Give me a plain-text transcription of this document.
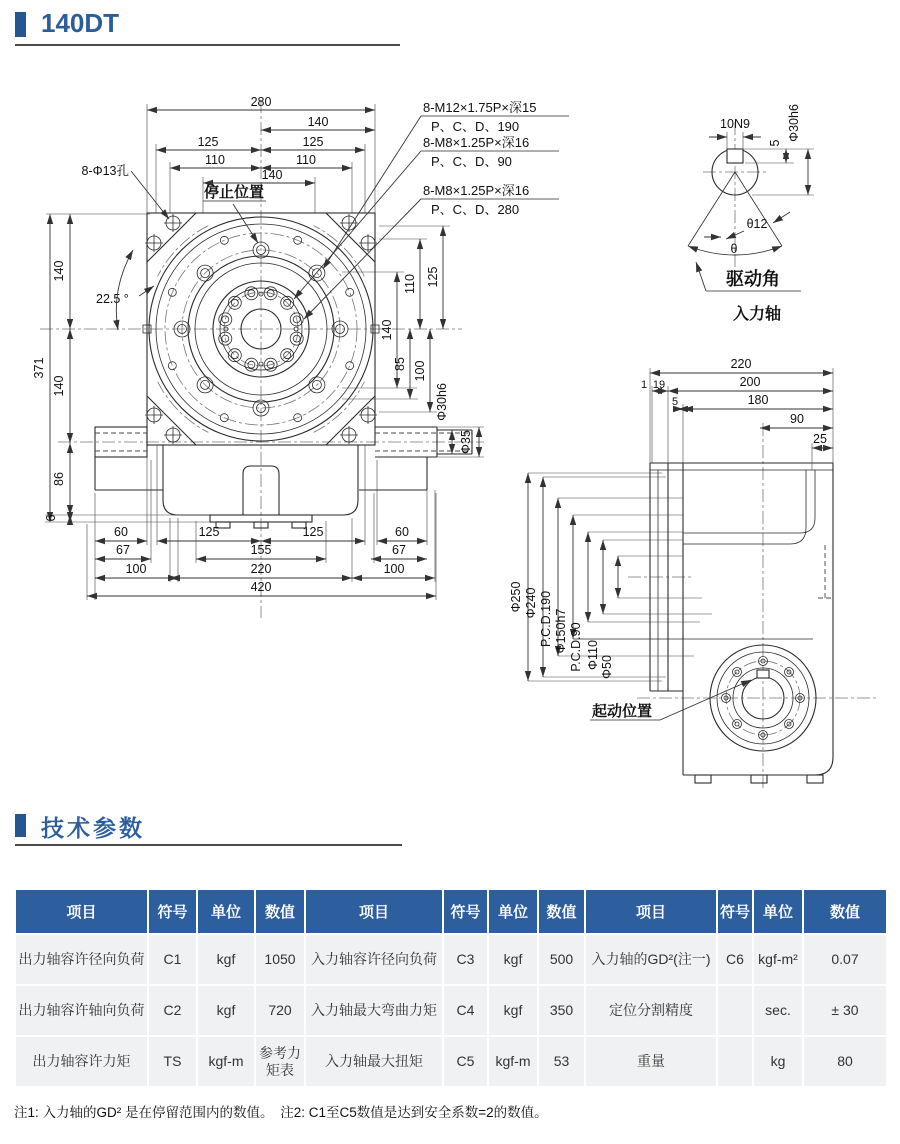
140DT
技术参数
280
140
125	125
110	110
140
停止位置
8-Φ13孔
22.5 °
8-M12×1.75P×深15
P、C、D、190
8-M8×1.25P×深16
P、C、D、90
8-M8×1.25P×深16
P、C、D、280
125
110
140
85 100
Φ30h6
Φ35
140
371
140
86
6
60	125	125	60
67	155	67
100	220	100
420
10N9
5
Φ30h6
θ
θ12
驱动角
入力轴
Φ250 Φ240 P.C.D.190 Φ150h7 P.C.D.90 Φ110 Φ50
起动位置
220
1 19	200
5	180
90
25
项目	符号	单位	数值	项目	符号	单位	数值	项目	符号	单位	数值
出力轴容许径向负荷	C1	kgf	1050	入力轴容许径向负荷	C3	kgf	500	入力轴的GD²(注一)	C6	kgf-m²	0.07
出力轴容许轴向负荷	C2	kgf	720	入力轴最大弯曲力矩	C4	kgf	350	定位分割精度		sec.	± 30
出力轴容许力矩	TS	kgf-m	参考力矩表	入力轴最大扭矩	C5	kgf-m	53	重量		kg	80
注1: 入力轴的GD² 是在停留范围内的数值。　注2: C1至C5数值是达到安全系数=2的数值。
